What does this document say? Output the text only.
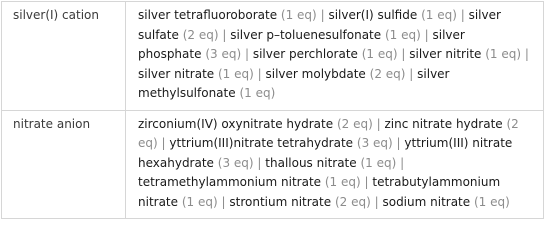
silver(I) cation	silver tetrafluoroborate (1 eq) | silver(I) sulfide (1 eq) | silver sulfate (2 eq) | silver p–toluenesulfonate (1 eq) | silver phosphate (3 eq) | silver perchlorate (1 eq) | silver nitrite (1 eq) | silver nitrate (1 eq) | silver molybdate (2 eq) | silver methylsulfonate (1 eq)
nitrate anion	zirconium(IV) oxynitrate hydrate (2 eq) | zinc nitrate hydrate (2 eq) | yttrium(III)nitrate tetrahydrate (3 eq) | yttrium(III) nitrate hexahydrate (3 eq) | thallous nitrate (1 eq) | tetramethylammonium nitrate (1 eq) | tetrabutylammonium nitrate (1 eq) | strontium nitrate (2 eq) | sodium nitrate (1 eq)
